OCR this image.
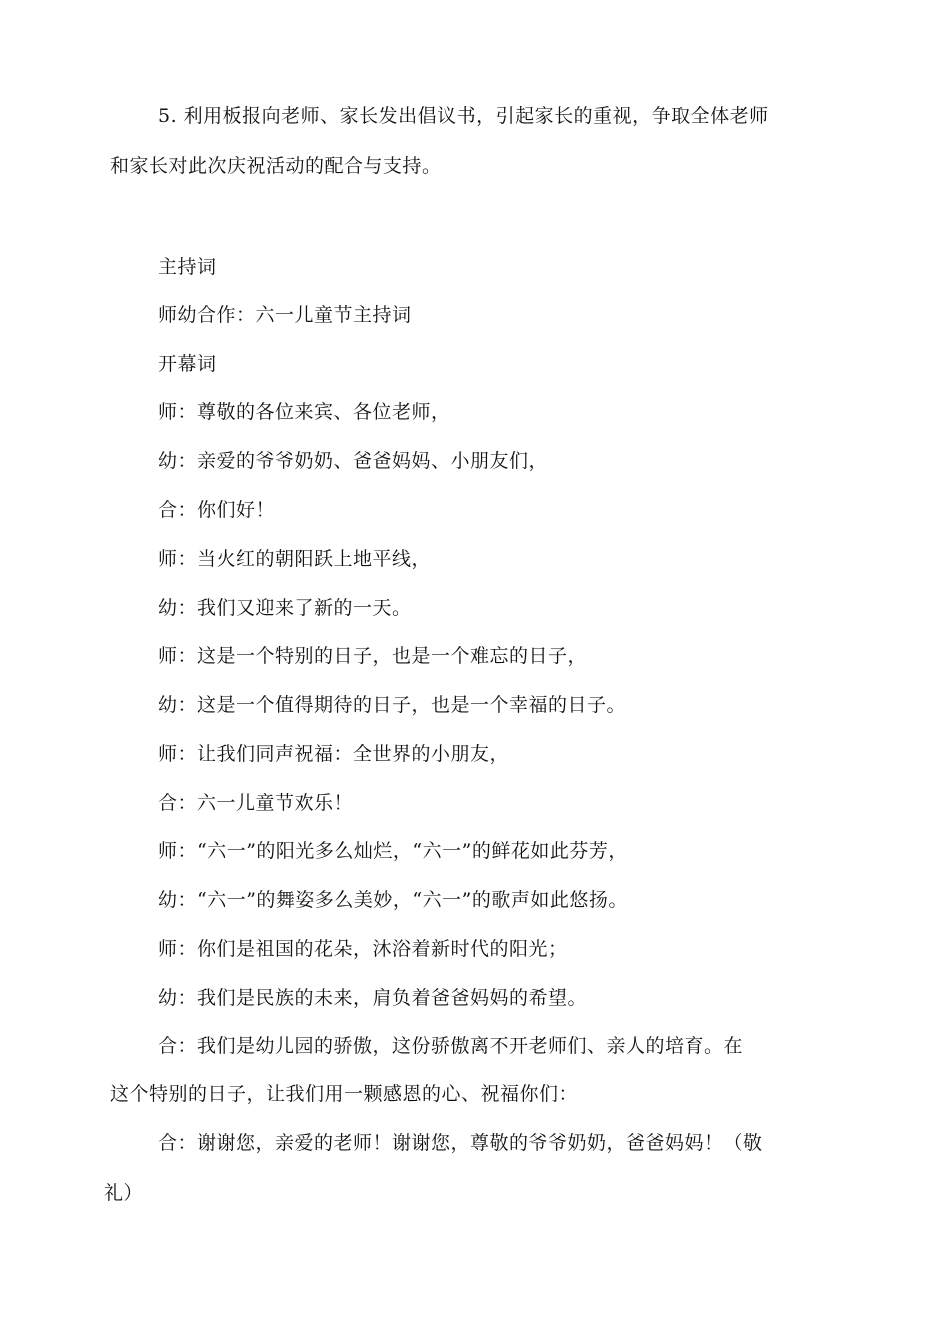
5. 利用板报向老师、家长发出倡议书，引起家长的重视，争取全体老师
和家长对此次庆祝活动的配合与支持。
主持词
师幼合作：六一儿童节主持词
开幕词
师：尊敬的各位来宾、各位老师，
幼：亲爱的爷爷奶奶、爸爸妈妈、小朋友们，
合：你们好！
师：当火红的朝阳跃上地平线，
幼：我们又迎来了新的一天。
师：这是一个特别的日子，也是一个难忘的日子，
幼：这是一个值得期待的日子，也是一个幸福的日子。
师：让我们同声祝福：全世界的小朋友，
合：六一儿童节欢乐！
师：“六一”的阳光多么灿烂，“六一”的鲜花如此芬芳，
幼：“六一”的舞姿多么美妙，“六一”的歌声如此悠扬。
师：你们是祖国的花朵，沐浴着新时代的阳光；
幼：我们是民族的未来，肩负着爸爸妈妈的希望。
合：我们是幼儿园的骄傲，这份骄傲离不开老师们、亲人的培育。在
这个特别的日子，让我们用一颗感恩的心、祝福你们：
合：谢谢您，亲爱的老师！谢谢您，尊敬的爷爷奶奶，爸爸妈妈！（敬
礼）
